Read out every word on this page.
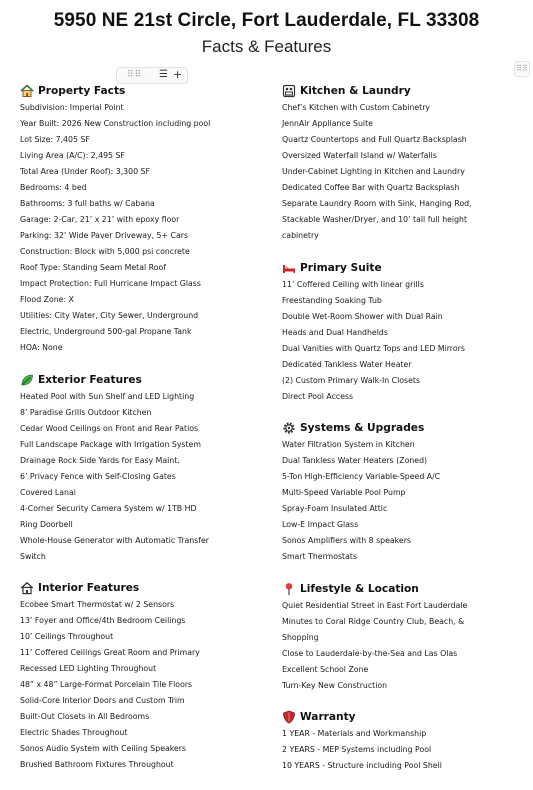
5950 NE 21st Circle, Fort Lauderdale, FL 33308
Facts & Features
⠿⠿ ☰ +	⠿⠿
Property Facts
Subdivision: Imperial Point
Year Built: 2026 New Construction including pool
Lot Size: 7,405 SF
Living Area (A/C): 2,495 SF
Total Area (Under Roof): 3,300 SF
Bedrooms: 4 bed
Bathrooms: 3 full baths w/ Cabana
Garage: 2-Car, 21’ x 21’ with epoxy floor
Parking: 32’ Wide Paver Driveway, 5+ Cars
Construction: Block with 5,000 psi concrete
Roof Type: Standing Seam Metal Roof
Impact Protection: Full Hurricane Impact Glass
Flood Zone: X
Utilities: City Water, City Sewer, Underground
Electric, Underground 500-gal Propane Tank
HOA: None
Exterior Features
Heated Pool with Sun Shelf and LED Lighting
8’ Paradise Grills Outdoor Kitchen
Cedar Wood Ceilings on Front and Rear Patios
Full Landscape Package with Irrigation System
Drainage Rock Side Yards for Easy Maint.
6’ Privacy Fence with Self-Closing Gates
Covered Lanai
4-Corner Security Camera System w/ 1TB HD
Ring Doorbell
Whole-House Generator with Automatic Transfer
Switch
Interior Features
Ecobee Smart Thermostat w/ 2 Sensors
13’ Foyer and Office/4th Bedroom Ceilings
10’ Ceilings Throughout
11’ Coffered Ceilings Great Room and Primary
Recessed LED Lighting Throughout
48” x 48” Large-Format Porcelain Tile Floors
Solid-Core Interior Doors and Custom Trim
Built-Out Closets in All Bedrooms
Electric Shades Throughout
Sonos Audio System with Ceiling Speakers
Brushed Bathroom Fixtures Throughout
Kitchen & Laundry
Chef’s Kitchen with Custom Cabinetry
JennAir Appliance Suite
Quartz Countertops and Full Quartz Backsplash
Oversized Waterfall Island w/ Waterfalls
Under-Cabinet Lighting in Kitchen and Laundry
Dedicated Coffee Bar with Quartz Backsplash
Separate Laundry Room with Sink, Hanging Rod,
Stackable Washer/Dryer, and 10’ tall full height
cabinetry
Primary Suite
11’ Coffered Ceiling with linear grills
Freestanding Soaking Tub
Double Wet-Room Shower with Dual Rain
Heads and Dual Handhelds
Dual Vanities with Quartz Tops and LED Mirrors
Dedicated Tankless Water Heater
(2) Custom Primary Walk-In Closets
Direct Pool Access
Systems & Upgrades
Water Filtration System in Kitchen
Dual Tankless Water Heaters (Zoned)
5-Ton High-Efficiency Variable-Speed A/C
Multi-Speed Variable Pool Pump
Spray-Foam Insulated Attic
Low-E Impact Glass
Sonos Amplifiers with 8 speakers
Smart Thermostats
Lifestyle & Location
Quiet Residential Street in East Fort Lauderdale
Minutes to Coral Ridge Country Club, Beach, &
Shopping
Close to Lauderdale-by-the-Sea and Las Olas
Excellent School Zone
Turn-Key New Construction
Warranty
1 YEAR - Materials and Workmanship
2 YEARS - MEP Systems including Pool
10 YEARS - Structure including Pool Shell
